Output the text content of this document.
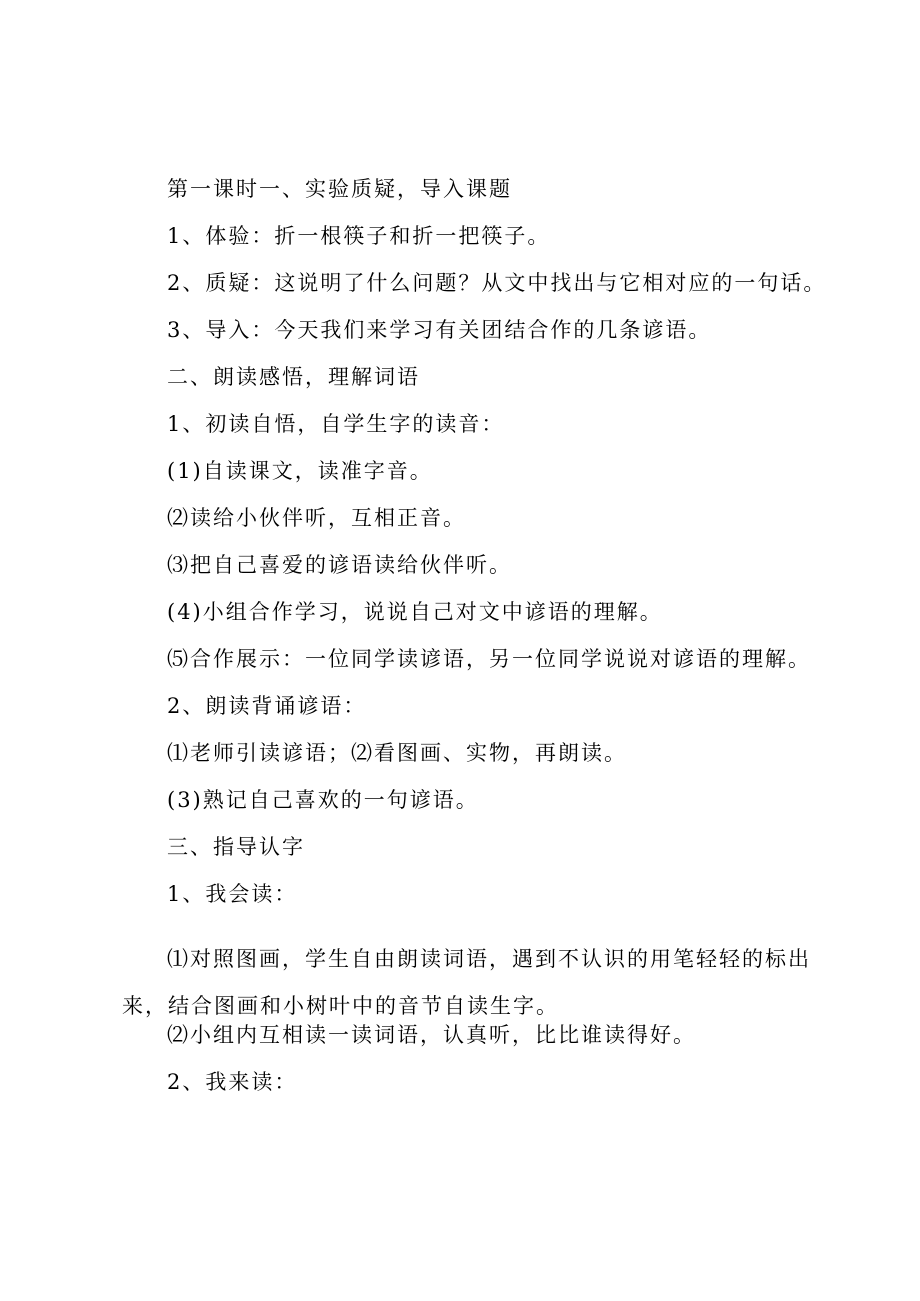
第一课时一、实验质疑，导入课题

1、体验：折一根筷子和折一把筷子。

2、质疑：这说明了什么问题？从文中找出与它相对应的一句话。

3、导入：今天我们来学习有关团结合作的几条谚语。

二、朗读感悟，理解词语

1、初读自悟，自学生字的读音：

(1)自读课文，读准字音。

⑵读给小伙伴听，互相正音。

⑶把自己喜爱的谚语读给伙伴听。

(4)小组合作学习，说说自己对文中谚语的理解。

⑸合作展示：一位同学读谚语，另一位同学说说对谚语的理解。

2、朗读背诵谚语：

⑴老师引读谚语；⑵看图画、实物，再朗读。

(3)熟记自己喜欢的一句谚语。

三、指导认字

1、我会读：

⑴对照图画，学生自由朗读词语，遇到不认识的用笔轻轻的标出来，结合图画和小树叶中的音节自读生字。

⑵小组内互相读一读词语，认真听，比比谁读得好。

2、我来读：
